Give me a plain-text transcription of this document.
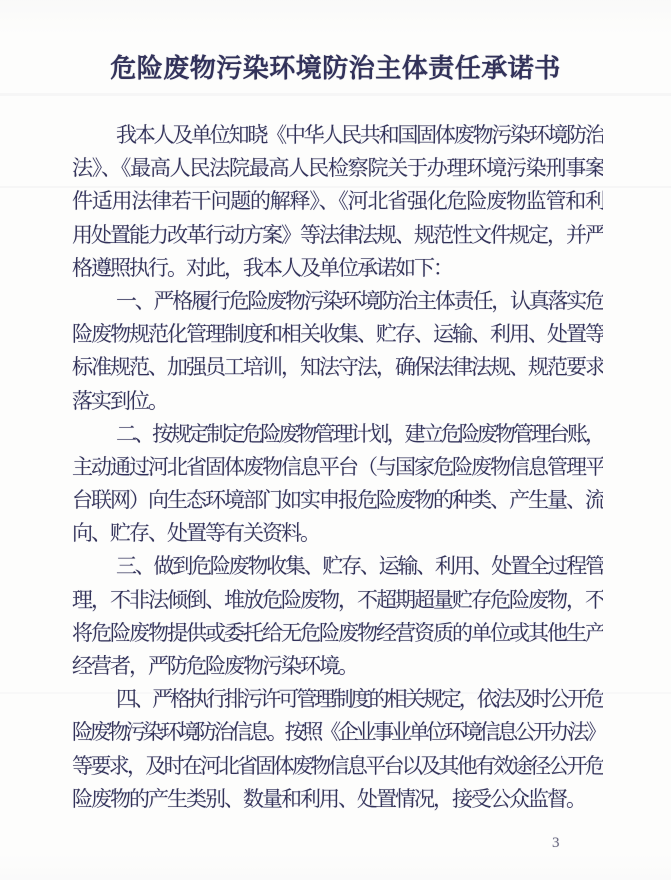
危险废物污染环境防治主体责任承诺书
我本人及单位知晓《中华人民共和国固体废物污染环境防治
法》、《最高人民法院最高人民检察院关于办理环境污染刑事案
件适用法律若干问题的解释》、《河北省强化危险废物监管和利
用处置能力改革行动方案》等法律法规、规范性文件规定，并严
格遵照执行。对此，我本人及单位承诺如下：
一、严格履行危险废物污染环境防治主体责任，认真落实危
险废物规范化管理制度和相关收集、贮存、运输、利用、处置等
标准规范、加强员工培训，知法守法，确保法律法规、规范要求
落实到位。
二、按规定制定危险废物管理计划，建立危险废物管理台账，
主动通过河北省固体废物信息平台（与国家危险废物信息管理平
台联网）向生态环境部门如实申报危险废物的种类、产生量、流
向、贮存、处置等有关资料。
三、做到危险废物收集、贮存、运输、利用、处置全过程管
理，不非法倾倒、堆放危险废物，不超期超量贮存危险废物，不
将危险废物提供或委托给无危险废物经营资质的单位或其他生产
经营者，严防危险废物污染环境。
四、严格执行排污许可管理制度的相关规定，依法及时公开危
险废物污染环境防治信息。按照《企业事业单位环境信息公开办法》
等要求，及时在河北省固体废物信息平台以及其他有效途径公开危
险废物的产生类别、数量和利用、处置情况，接受公众监督。
3
